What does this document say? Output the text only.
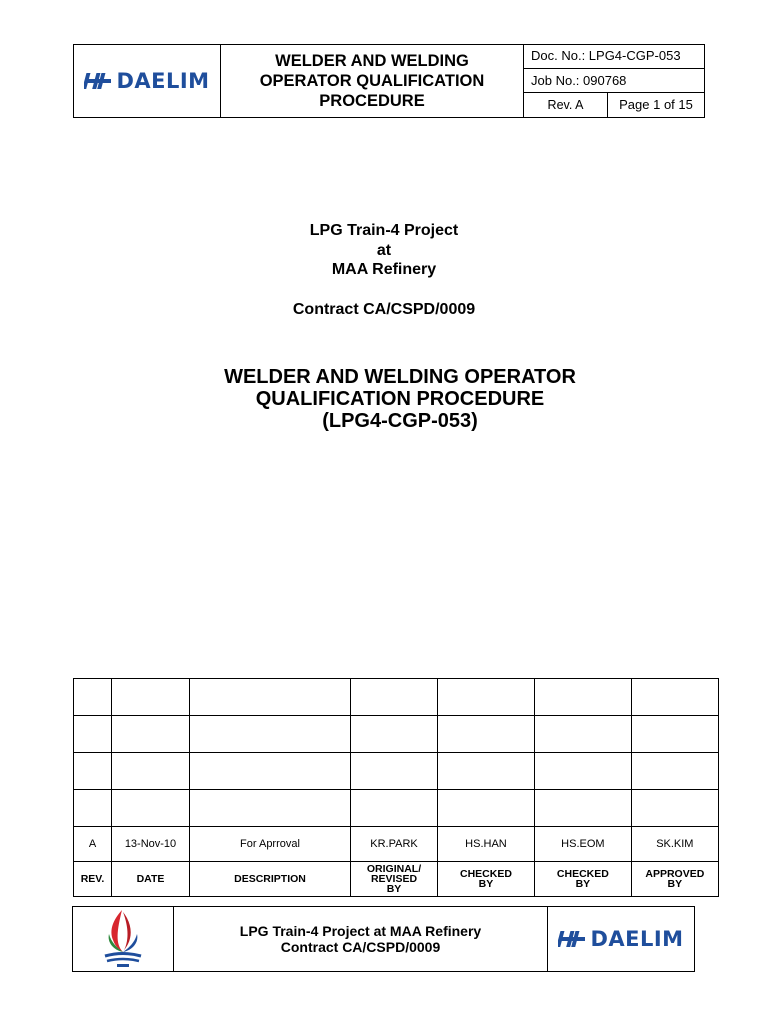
DAELIM
WELDER AND WELDING
OPERATOR QUALIFICATION
PROCEDURE
Doc. No.: LPG4-CGP-053
Job No.: 090768
Rev. A	Page 1 of 15
LPG Train-4 Project
at
MAA Refinery
Contract CA/CSPD/0009
WELDER AND WELDING OPERATOR
QUALIFICATION PROCEDURE
(LPG4-CGP-053)

A	13-Nov-10	For Aprroval	KR.PARK	HS.HAN	HS.EOM	SK.KIM
REV.	DATE	DESCRIPTION	ORIGINAL/ REVISED BY	CHECKED BY	CHECKED BY	APPROVED BY
LPG Train-4 Project at MAA Refinery
Contract CA/CSPD/0009	DAELIM
